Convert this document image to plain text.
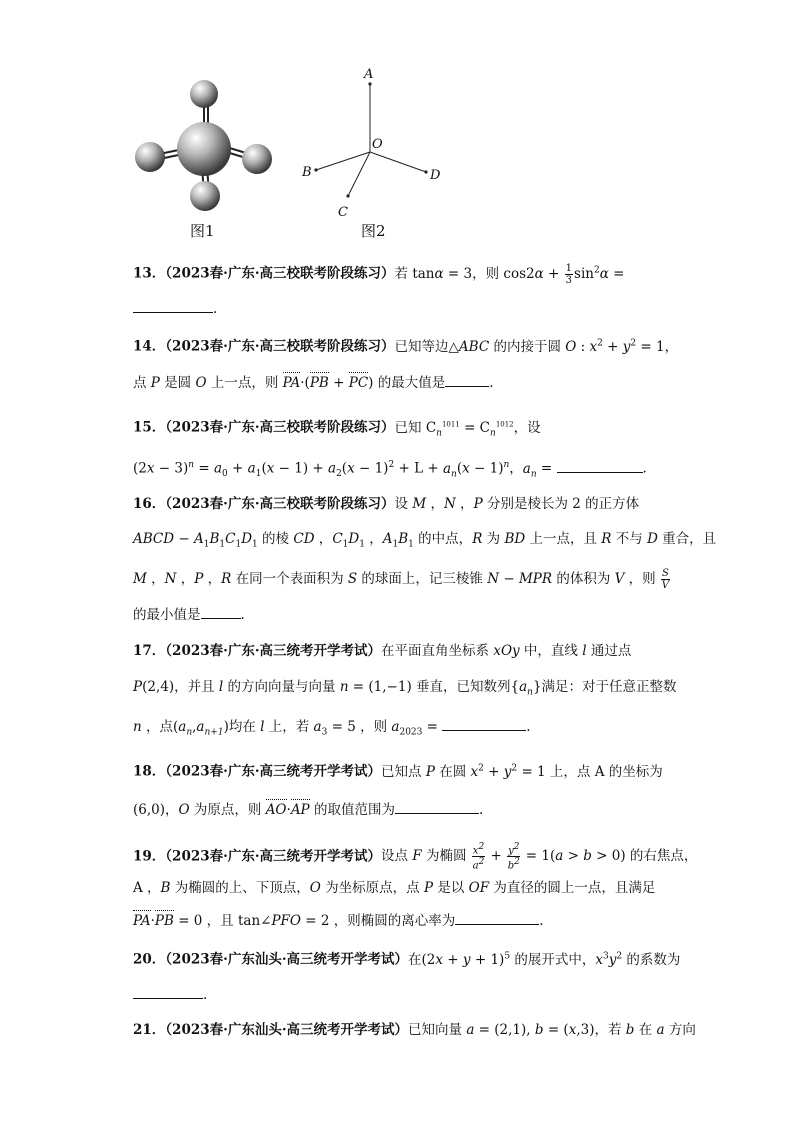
图1
A
O
B	D
C
图2
13．（2023春·广东·高三校联考阶段练习）若 tanα = 3，则 $\cos 2\alpha + \frac{1}{3} \sin^2\alpha$ =
.
14．（2023春·广东·高三校联考阶段练习）已知等边△ABC 的内接于圆 O : $x^2 + y^2 = 1$，
点 P 是圆 O 上一点，则 PA·(PB + PC) 的最大值是	.
15．（2023春·广东·高三校联考阶段练习）已知 $C_n^{1011} = C_n^{1012}$，设
$(2x - 3)^n = a_0 + a_1(x - 1) + a_2(x - 1)^2 + L + a_n(x - 1)^n$，$a_n$ =	.
16．（2023春·广东·高三校联考阶段练习）设 M ，N ，P 分别是棱长为 2 的正方体
ABCD − $A_1B_1C_1D_1$ 的棱 CD ，$C_1D_1$ ，$A_1B_1$ 的中点，R 为 BD 上一点，且 R 不与 D 重合，且
M ，N ，P ，R 在同一个表面积为 S 的球面上，记三棱锥 N − MPR 的体积为 V ，则 $\frac{S}{V}$
的最小值是	.
17．（2023春·广东·高三统考开学考试）在平面直角坐标系 xOy 中，直线 l 通过点
P(2,4)，并且 l 的方向向量与向量 n = (1,−1) 垂直，已知数列$\{a_n\}$满足：对于任意正整数
n ，点$(a_n,a_{n+1})$均在 l 上，若 $a_3 = 5$ ，则 $a_{2023}$ =	.
18．（2023春·广东·高三统考开学考试）已知点 P 在圆 $x^2 + y^2 = 1$ 上，点 A 的坐标为
(6,0)，O 为原点，则 AO·AP 的取值范围为	.
19．（2023春·广东·高三统考开学考试）设点 F 为椭圆 $\frac{x^2}{a^2} + \frac{y^2}{b^2} = 1(a > b > 0)$ 的右焦点，
A ，B 为椭圆的上、下顶点，O 为坐标原点，点 P 是以 OF 为直径的圆上一点，且满足
PA·PB = 0 ，且 tan∠PFO = 2 ，则椭圆的离心率为	.
20．（2023春·广东汕头·高三统考开学考试）在$(2x + y + 1)^5$ 的展开式中，$x^3y^2$ 的系数为
.
21．（2023春·广东汕头·高三统考开学考试）已知向量 a = (2,1), b = (x,3)，若 b 在 a 方向
